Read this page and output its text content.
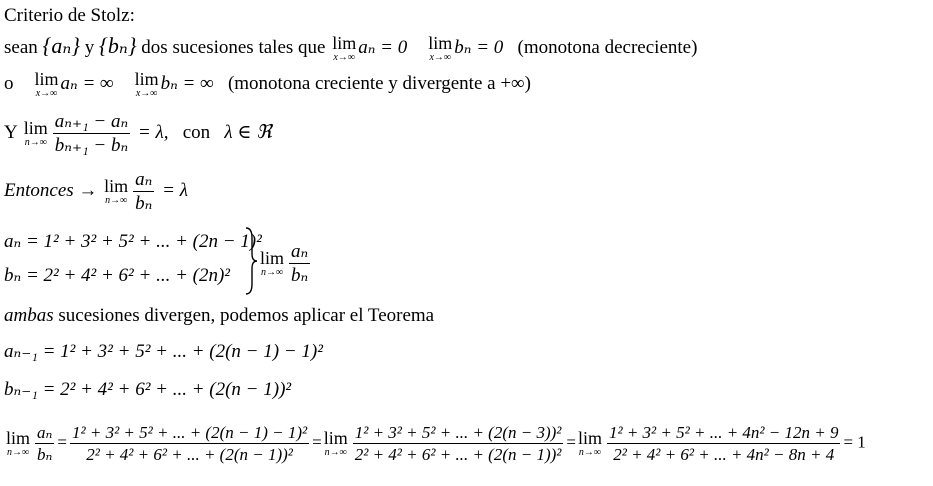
Criterio de Stolz:
sean {aₙ} y {bₙ} dos sucesiones tales que lim
x→∞ aₙ = 0 lim
x→∞ bₙ = 0 (monotona decreciente)
o lim
x→∞ aₙ = ∞ lim
x→∞ bₙ = ∞ (monotona creciente y divergente a +∞)
Y lim
$n\to\infty \frac{\text{aₙ₊₁ − aₙ}}{\text{bₙ₊₁ − bₙ}} = \lambda$, con λ ∈ ℜ
Entonces → lim
$n\to\infty \frac{\text{aₙ}}{\text{bₙ}} = \lambda$
aₙ = 1² + 3² + 5² + ... + (2n − 1)²
bₙ = 2² + 4² + 6² + ... + (2n)²
lim
$n\to\infty \frac{\text{aₙ}}{\text{bₙ}}$
ambas sucesiones divergen, podemos aplicar el Teorema
aₙ₋₁ = 1² + 3² + 5² + ... + (2(n − 1) − 1)²
bₙ₋₁ = 2² + 4² + 6² + ... + (2(n − 1))²
lim
$n\to\infty \frac{\text{aₙ}}{\text{bₙ}} = \frac{\text{1² + 3² + 5² + ... + (2(n − 1) − 1)²}}{\text{2² + 4² + 6² + ... + (2(n − 1))²}} = \lim$
$n\to\infty \frac{\text{1² + 3² + 5² + ... + (2(n − 3))²}}{\text{2² + 4² + 6² + ... + (2(n − 1))²}} = \lim$
$n\to\infty \frac{\text{1² + 3² + 5² + ... + 4n² − 12n + 9}}{\text{2² + 4² + 6² + ... + 4n² − 8n + 4}} = 1$
